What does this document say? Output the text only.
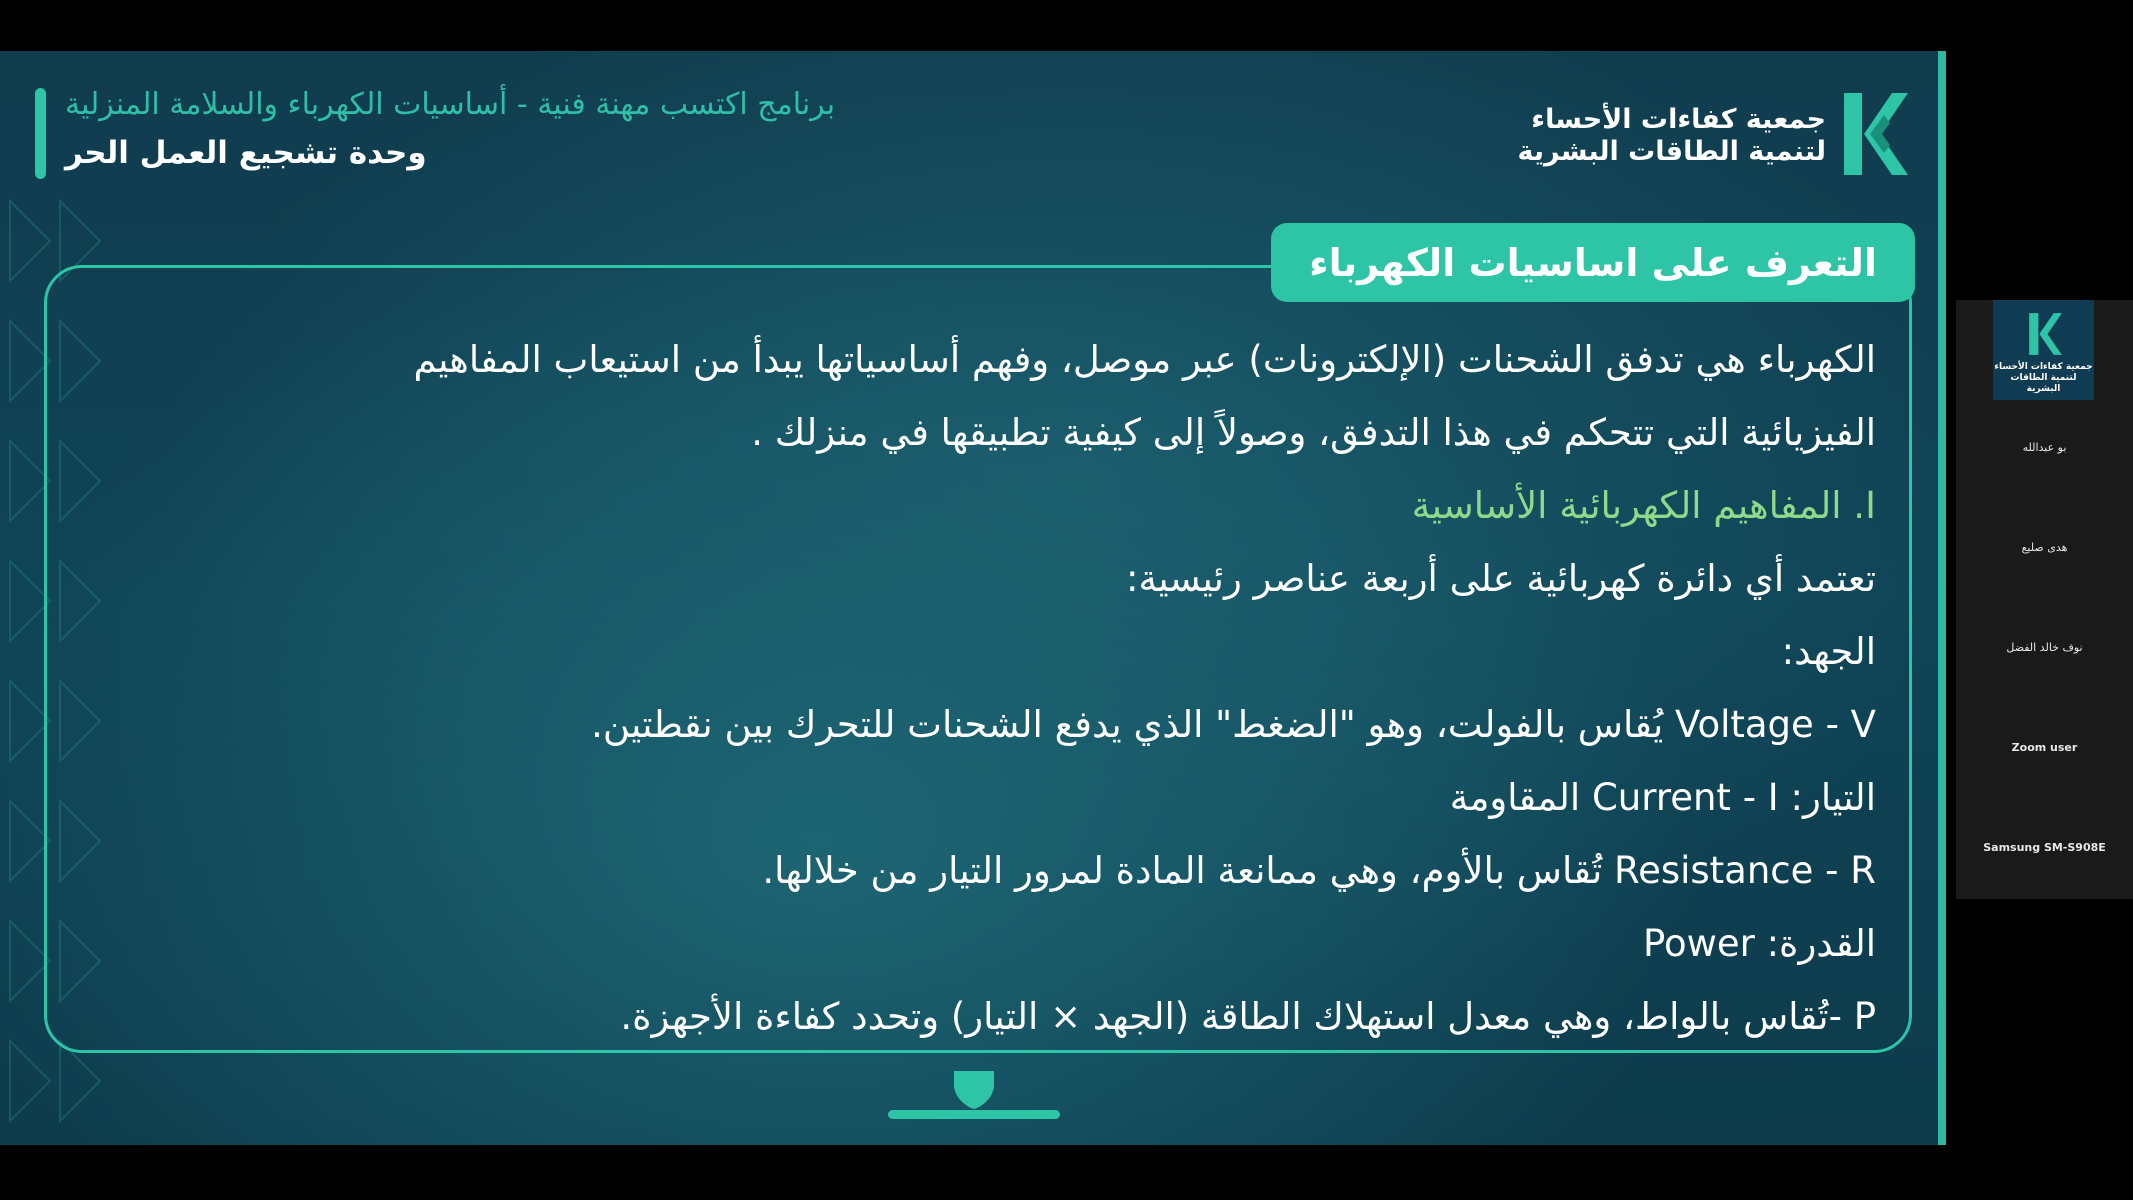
برنامج اكتسب مهنة فنية - أساسيات الكهرباء والسلامة المنزلية
وحدة تشجيع العمل الحر
جمعية كفاءات الأحساء
لتنمية الطاقات البشرية
التعرف على اساسيات الكهرباء
الكهرباء هي تدفق الشحنات (الإلكترونات) عبر موصل، وفهم أساسياتها يبدأ من استيعاب المفاهيم
الفيزيائية التي تتحكم في هذا التدفق، وصولاً إلى كيفية تطبيقها في منزلك .
I. المفاهيم الكهربائية الأساسية
تعتمد أي دائرة كهربائية على أربعة عناصر رئيسية:
الجهد:
Voltage - V يُقاس بالفولت، وهو "الضغط" الذي يدفع الشحنات للتحرك بين نقطتين.
التيار: Current - I المقاومة
Resistance - R تُقاس بالأوم، وهي ممانعة المادة لمرور التيار من خلالها.
القدرة: Power
P -تُقاس بالواط، وهي معدل استهلاك الطاقة (الجهد × التيار) وتحدد كفاءة الأجهزة.
جمعية كفاءات الأحساء
لتنمية الطاقات البشرية
بو عبدالله
هدى صليع
نوف خالد الفضل
Zoom user
Samsung SM-S908E
